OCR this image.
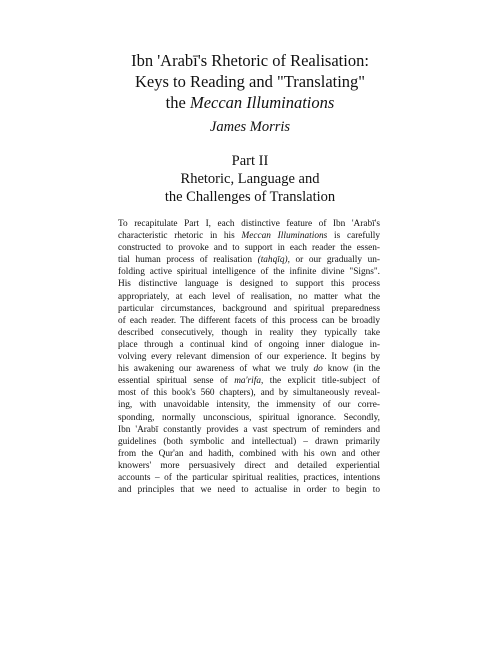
Ibn 'Arabī's Rhetoric of Realisation:
Keys to Reading and "Translating"
the Meccan Illuminations
James Morris
Part II
Rhetoric, Language and
the Challenges of Translation
To recapitulate Part I, each distinctive feature of Ibn 'Arabī's
characteristic rhetoric in his Meccan Illuminations is carefully
constructed to provoke and to support in each reader the essen-
tial human process of realisation (tahqīq), or our gradually un-
folding active spiritual intelligence of the infinite divine "Signs".
His distinctive language is designed to support this process
appropriately, at each level of realisation, no matter what the
particular circumstances, background and spiritual preparedness
of each reader. The different facets of this process can be broadly
described consecutively, though in reality they typically take
place through a continual kind of ongoing inner dialogue in-
volving every relevant dimension of our experience. It begins by
his awakening our awareness of what we truly do know (in the
essential spiritual sense of ma'rifa, the explicit title-subject of
most of this book's 560 chapters), and by simultaneously reveal-
ing, with unavoidable intensity, the immensity of our corre-
sponding, normally unconscious, spiritual ignorance. Secondly,
Ibn 'Arabī constantly provides a vast spectrum of reminders and
guidelines (both symbolic and intellectual) – drawn primarily
from the Qur'an and hadith, combined with his own and other
knowers' more persuasively direct and detailed experiential
accounts – of the particular spiritual realities, practices, intentions
and principles that we need to actualise in order to begin to
